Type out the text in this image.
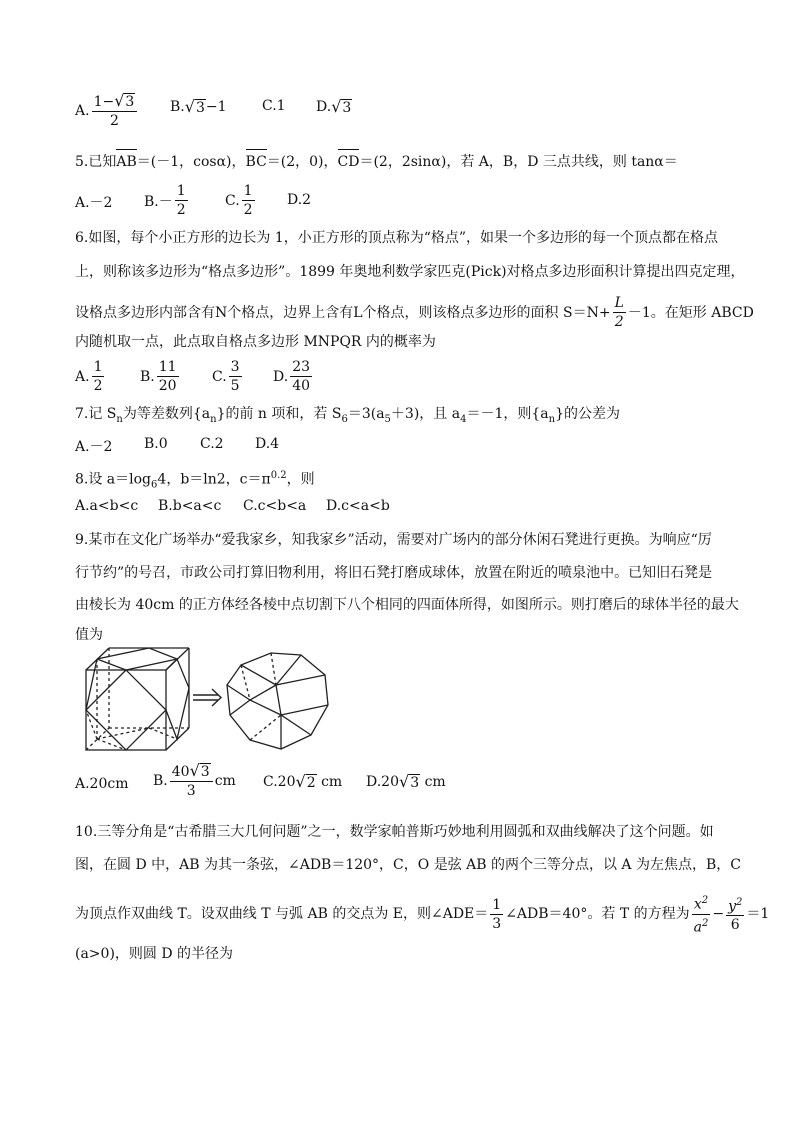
A. $\frac{1- √ 3}{2} B$. √ 3 −1	C.1 D. √ 3
5.已知AB＝(－1，cosα)，BC＝(2，0)，CD＝(2，2sinα)，若 A，B，D 三点共线，则 tanα＝
A.－2 $B.- \frac{1}{2}$	C. $\frac{1}{2} D.2$
6.如图，每个小正方形的边长为 1，小正方形的顶点称为“格点”，如果一个多边形的每一个顶点都在格点
上，则称该多边形为“格点多边形”。1899 年奥地利数学家匹克(Pick)对格点多边形面积计算提出四克定理，
设格点多边形内部含有N个格点，边界上含有L个格点，则该格点多边形的面积 $S=N+ \frac{L}{2} -1$。在矩形 ABCD
内随机取一点，此点取自格点多边形 MNPQR 内的概率为
A. $\frac{1}{2}$	B. $\frac{11}{20} C$. $\frac{3}{5} D$. $\frac{23}{40}$
7.记 $S_n$为等差数列$\{a_n\}$的前 n 项和，若 $S_6=3(a_5+3)$，且 $a_4=-1$，则$\{a_n\}$的公差为
A.－2 B.0 C.2 D.4
8.设 $a=\log_64$，b＝ln2，$c=\pi^{0.2}$，则
A.a<b<c B.b<a<c C.c<b<a D.c<a<b
9.某市在文化广场举办“爱我家乡，知我家乡”活动，需要对广场内的部分休闲石凳进行更换。为响应“厉
行节约”的号召，市政公司打算旧物利用，将旧石凳打磨成球体，放置在附近的喷泉池中。已知旧石凳是
由棱长为 40cm 的正方体经各棱中点切割下八个相同的四面体所得，如图所示。则打磨后的球体半径的最大
值为
A.20cm B. $\frac{40 √ 3}{3}$ cm C.20 √ 2
cm D.20 √ 3
cm
10.三等分角是“古希腊三大几何问题”之一，数学家帕普斯巧妙地利用圆弧和双曲线解决了这个问题。如
图，在圆 D 中，AB 为其一条弦，∠ADB＝120°，C，O 是弦 AB 的两个三等分点，以 A 为左焦点，B，C
为顶点作双曲线 T。设双曲线 T 与弧 AB 的交点为 E，则∠ADE＝ $\frac{1}{3}$ ∠ADB＝40°。若 T 的方程为 $\frac{x^2}{a^2} - \frac{y^2}{6} =1$
(a>0)，则圆 D 的半径为
